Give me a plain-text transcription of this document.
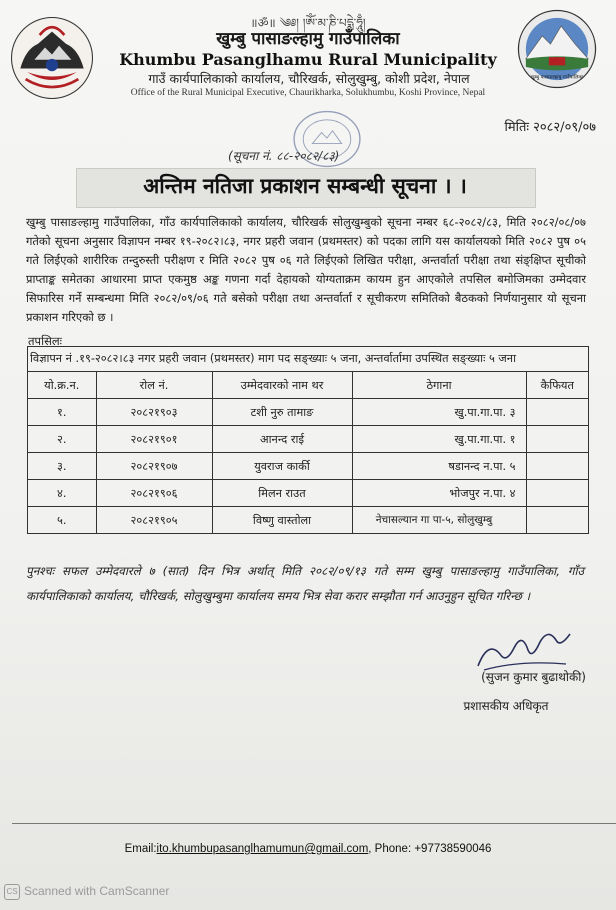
खुम्बु पासाङल्हामु गाउँपालिका
॥ॐ॥ ༄༅། །ཨོཾ་མ་ཎི་པདྨེ་ཧཱུྃ།
खुम्बु पासाङल्हामु गाउँपालिका
Khumbu Pasanglhamu Rural Municipality
गाउँ कार्यपालिकाको कार्यालय, चौरिखर्क, सोलुखुम्बु, कोशी प्रदेश, नेपाल
Office of the Rural Municipal Executive, Chaurikharka, Solukhumbu, Koshi Province, Nepal
मितिः २०८२/०९/०७
(सूचना नं. ८८-२०८२/८३)
अन्तिम नतिजा प्रकाशन सम्बन्धी सूचना । ।
खुम्बु पासाङल्हामु गाउँपालिका, गाँउ कार्यपालिकाको कार्यालय, चौरिखर्क सोलुखुम्बुको सूचना नम्बर ६८-२०८२/८३, मिति २०८२/०८/०७ गतेको सूचना अनुसार विज्ञापन नम्बर १९-२०८२।८३, नगर प्रहरी जवान (प्रथमस्तर) को पदका लागि यस कार्यालयको मिति २०८२ पुष ०५ गते लिईएको शारीरिक तन्दुरुस्ती परीक्षण र मिति २०८२ पुष ०६ गते लिईएको लिखित परीक्षा, अन्तर्वार्ता परीक्षा तथा संङ्क्षिप्त सूचीको प्राप्ताङ्क समेतका आधारमा प्राप्त एकमुष्ठ अङ्क गणना गर्दा देहायको योग्यताक्रम कायम हुन आएकोले तपसिल बमोजिमका उम्मेदवार सिफारिस गर्ने सम्बन्धमा मिति २०८२/०९/०६ गते बसेको परीक्षा तथा अन्तर्वार्ता र सूचीकरण समितिको बैठकको निर्णयानुसार यो सूचना प्रकाशन गरिएको छ ।
तपसिलः
विज्ञापन नं .१९-२०८२।८३ नगर प्रहरी जवान (प्रथमस्तर) माग पद सङ्ख्याः ५ जना, अन्तर्वार्तामा उपस्थित सङ्ख्याः ५ जना
यो.क्र.न.	रोल नं.	उम्मेदवारको नाम थर	ठेगाना	कैफियत
१.	२०८२१९०३	टशी नुरु तामाङ	खु.पा.गा.पा. ३	
२.	२०८२१९०१	आनन्द राई	खु.पा.गा.पा. १	
३.	२०८२१९०७	युवराज कार्की	षडानन्द न.पा. ५	
४.	२०८२१९०६	मिलन राउत	भोजपुर न.पा. ४	
५.	२०८२१९०५	विष्णु वास्तोला	नेचासल्यान गा पा-५, सोलुखुम्बु	
पुनश्चः सफल उम्मेदवारले ७ (सात) दिन भित्र अर्थात् मिति २०८२/०९/१३ गते सम्म खुम्बु पासाङल्हामु गाउँपालिका, गाँउ कार्यपालिकाको कार्यालय, चौरिखर्क, सोलुखुम्बुमा कार्यालय समय भित्र सेवा करार सम्झौता गर्न आउनुहुन सूचित गरिन्छ ।
(सुजन कुमार बुढाथोकी)
प्रशासकीय अधिकृत
Email:ito.khumbupasanglhamumun@gmail.com, Phone: +97738590046
CS Scanned with CamScanner
